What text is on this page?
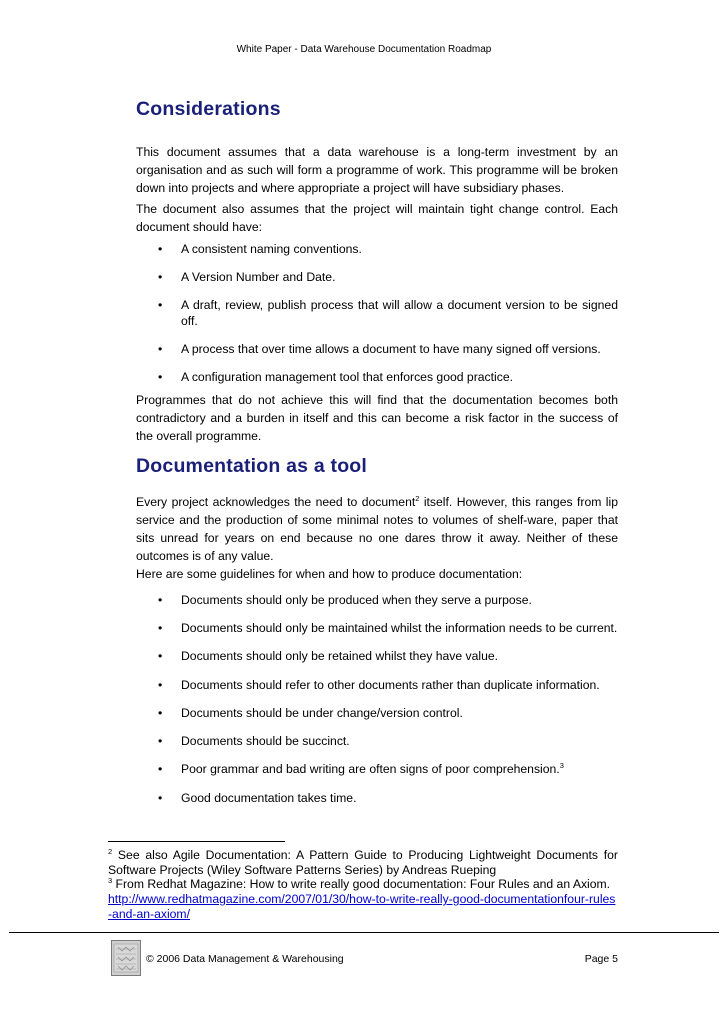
White Paper - Data Warehouse Documentation Roadmap
Considerations

This document assumes that a data warehouse is a long-term investment by an organisation and as such will form a programme of work. This programme will be broken down into projects and where appropriate a project will have subsidiary phases.

The document also assumes that the project will maintain tight change control. Each document should have:

• A consistent naming conventions.
• A Version Number and Date.
• A draft, review, publish process that will allow a document version to be signed off.
• A process that over time allows a document to have many signed off versions.
• A configuration management tool that enforces good practice.

Programmes that do not achieve this will find that the documentation becomes both contradictory and a burden in itself and this can become a risk factor in the success of the overall programme.

Documentation as a tool

Every project acknowledges the need to document$^2$ itself. However, this ranges from lip service and the production of some minimal notes to volumes of shelf-ware, paper that sits unread for years on end because no one dares throw it away. Neither of these outcomes is of any value.

Here are some guidelines for when and how to produce documentation:

• Documents should only be produced when they serve a purpose.
• Documents should only be maintained whilst the information needs to be current.
• Documents should only be retained whilst they have value.
• Documents should refer to other documents rather than duplicate information.
• Documents should be under change/version control.
• Documents should be succinct.
• Poor grammar and bad writing are often signs of poor comprehension.$^3$
• Good documentation takes time.
$^2$ See also Agile Documentation: A Pattern Guide to Producing Lightweight Documents for Software Projects (Wiley Software Patterns Series) by Andreas Rueping
$^3$ From Redhat Magazine: How to write really good documentation: Four Rules and an Axiom.
http://www.redhatmagazine.com/2007/01/30/how-to-write-really-good-documentationfour-rules-and-an-axiom/
© 2006 Data Management & Warehousing	Page 5
